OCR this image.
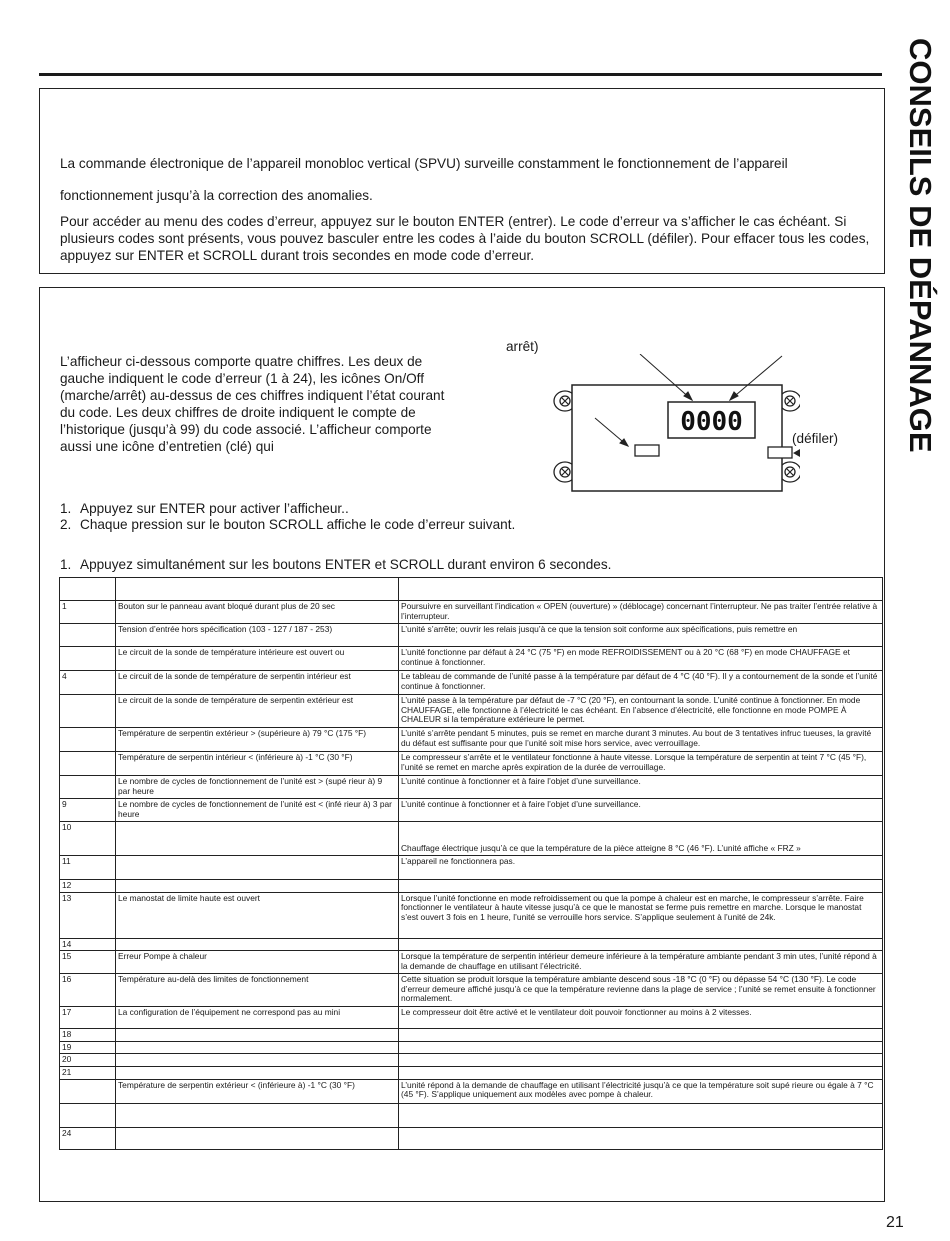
CONSEILS DE DÉPANNAGE
La commande électronique de l’appareil monobloc vertical (SPVU) surveille constamment le fonctionnement de l’appareil
fonctionnement jusqu’à la correction des anomalies.
Pour accéder au menu des codes d’erreur, appuyez sur le bouton ENTER (entrer). Le code d’erreur va s’afficher le cas échéant. Si plusieurs codes sont présents, vous pouvez basculer entre les codes à l’aide du bouton SCROLL (défiler). Pour effacer tous les codes, appuyez sur ENTER et SCROLL durant trois secondes en mode code d’erreur.
L’afficheur ci-dessous comporte quatre chiffres. Les deux de gauche indiquent le code d’erreur (1 à 24), les icônes On/Off (marche/arrêt) au-dessus de ces chiffres indiquent l’état courant du code. Les deux chiffres de droite indiquent le compte de l’historique (jusqu’à 99) du code associé. L’afficheur comporte aussi une icône d’entretien (clé) qui
arrêt)
(défiler)
0000
1. Appuyez sur ENTER pour activer l’afficheur..
2. Chaque pression sur le bouton SCROLL affiche le code d’erreur suivant.
1. Appuyez simultanément sur les boutons ENTER et SCROLL durant environ 6 secondes.

1	Bouton sur le panneau avant bloqué durant plus de 20 sec	Poursuivre en surveillant l’indication « OPEN (ouverture) » (déblocage) concernant l’interrupteur. Ne pas traiter l’entrée relative à l’interrupteur.
	Tension d’entrée hors spécification (103 - 127 / 187 - 253)	L’unité s’arrête; ouvrir les relais jusqu’à ce que la tension soit conforme aux spécifications, puis remettre en
	Le circuit de la sonde de température intérieure est ouvert ou	L’unité fonctionne par défaut à 24 °C (75 °F) en mode REFROIDISSEMENT ou à 20 °C (68 °F) en mode CHAUFFAGE et continue à fonctionner.
4	Le circuit de la sonde de température de serpentin intérieur est	Le tableau de commande de l’unité passe à la température par défaut de 4 °C (40 °F). Il y a contournement de la sonde et l’unité continue à fonctionner.
	Le circuit de la sonde de température de serpentin extérieur est	L’unité passe à la température par défaut de -7 °C (20 °F), en contournant la sonde. L’unité continue à fonctionner. En mode CHAUFFAGE, elle fonctionne à l’électricité le cas échéant. En l’absence d’électricité, elle fonctionne en mode POMPE À CHALEUR si la température extérieure le permet.
	Température de serpentin extérieur > (supérieure à) 79 °C (175 °F)	L’unité s’arrête pendant 5 minutes, puis se remet en marche durant 3 minutes. Au bout de 3 tentatives infruc tueuses, la gravité du défaut est suffisante pour que l’unité soit mise hors service, avec verrouillage.
	Température de serpentin intérieur < (inférieure à) -1 °C (30 °F)	Le compresseur s’arrête et le ventilateur fonctionne à haute vitesse. Lorsque la température de serpentin at teint 7 °C (45 °F), l’unité se remet en marche après expiration de la durée de verrouillage.
	Le nombre de cycles de fonctionnement de l’unité est > (supé rieur à) 9 par heure	L’unité continue à fonctionner et à faire l’objet d’une surveillance.
9	Le nombre de cycles de fonctionnement de l’unité est < (infé rieur à) 3 par heure	L’unité continue à fonctionner et à faire l’objet d’une surveillance.
10		Chauffage électrique jusqu’à ce que la température de la pièce atteigne 8 °C (46 °F). L’unité affiche « FRZ »
11		L’appareil ne fonctionnera pas.
12		
13	Le manostat de limite haute est ouvert	Lorsque l’unité fonctionne en mode refroidissement ou que la pompe à chaleur est en marche, le compresseur s’arrête. Faire fonctionner le ventilateur à haute vitesse jusqu’à ce que le manostat se ferme puis remettre en marche. Lorsque le manostat s’est ouvert 3 fois en 1 heure, l’unité se verrouille hors service. S’applique seulement à l’unité de 24k.
14		
15	Erreur Pompe à chaleur	Lorsque la température de serpentin intérieur demeure inférieure à la température ambiante pendant 3 min utes, l’unité répond à la demande de chauffage en utilisant l’électricité.
16	Température au-delà des limites de fonctionnement	Cette situation se produit lorsque la température ambiante descend sous -18 °C (0 °F) ou dépasse 54 °C (130 °F). Le code d’erreur demeure affiché jusqu’à ce que la température revienne dans la plage de service ; l’unité se remet ensuite à fonctionner normalement.
17	La configuration de l’équipement ne correspond pas au mini	Le compresseur doit être activé et le ventilateur doit pouvoir fonctionner au moins à 2 vitesses.
18		
19		
20		
21		
	Température de serpentin extérieur < (inférieure à) -1 °C (30 °F)	L’unité répond à la demande de chauffage en utilisant l’électricité jusqu’à ce que la température soit supé rieure ou égale à 7 °C (45 °F). S’applique uniquement aux modèles avec pompe à chaleur.

24		
21
